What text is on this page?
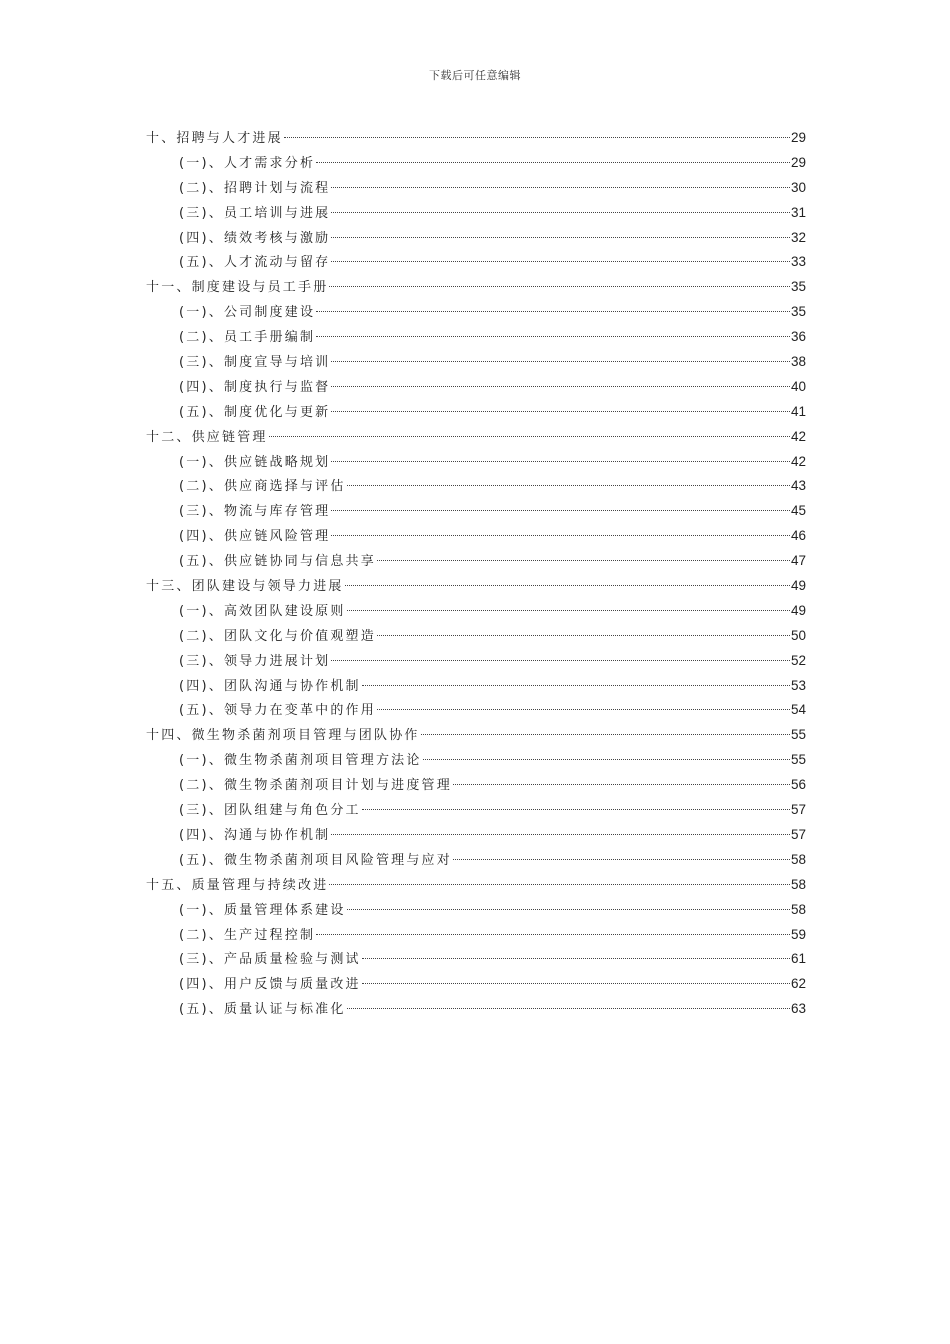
下载后可任意编辑
十、招聘与人才进展	29
(一)、人才需求分析	29
(二)、招聘计划与流程	30
(三)、员工培训与进展	31
(四)、绩效考核与激励	32
(五)、人才流动与留存	33
十一、制度建设与员工手册	35
(一)、公司制度建设	35
(二)、员工手册编制	36
(三)、制度宣导与培训	38
(四)、制度执行与监督	40
(五)、制度优化与更新	41
十二、供应链管理	42
(一)、供应链战略规划	42
(二)、供应商选择与评估	43
(三)、物流与库存管理	45
(四)、供应链风险管理	46
(五)、供应链协同与信息共享	47
十三、团队建设与领导力进展	49
(一)、高效团队建设原则	49
(二)、团队文化与价值观塑造	50
(三)、领导力进展计划	52
(四)、团队沟通与协作机制	53
(五)、领导力在变革中的作用	54
十四、微生物杀菌剂项目管理与团队协作	55
(一)、微生物杀菌剂项目管理方法论	55
(二)、微生物杀菌剂项目计划与进度管理	56
(三)、团队组建与角色分工	57
(四)、沟通与协作机制	57
(五)、微生物杀菌剂项目风险管理与应对	58
十五、质量管理与持续改进	58
(一)、质量管理体系建设	58
(二)、生产过程控制	59
(三)、产品质量检验与测试	61
(四)、用户反馈与质量改进	62
(五)、质量认证与标准化	63
